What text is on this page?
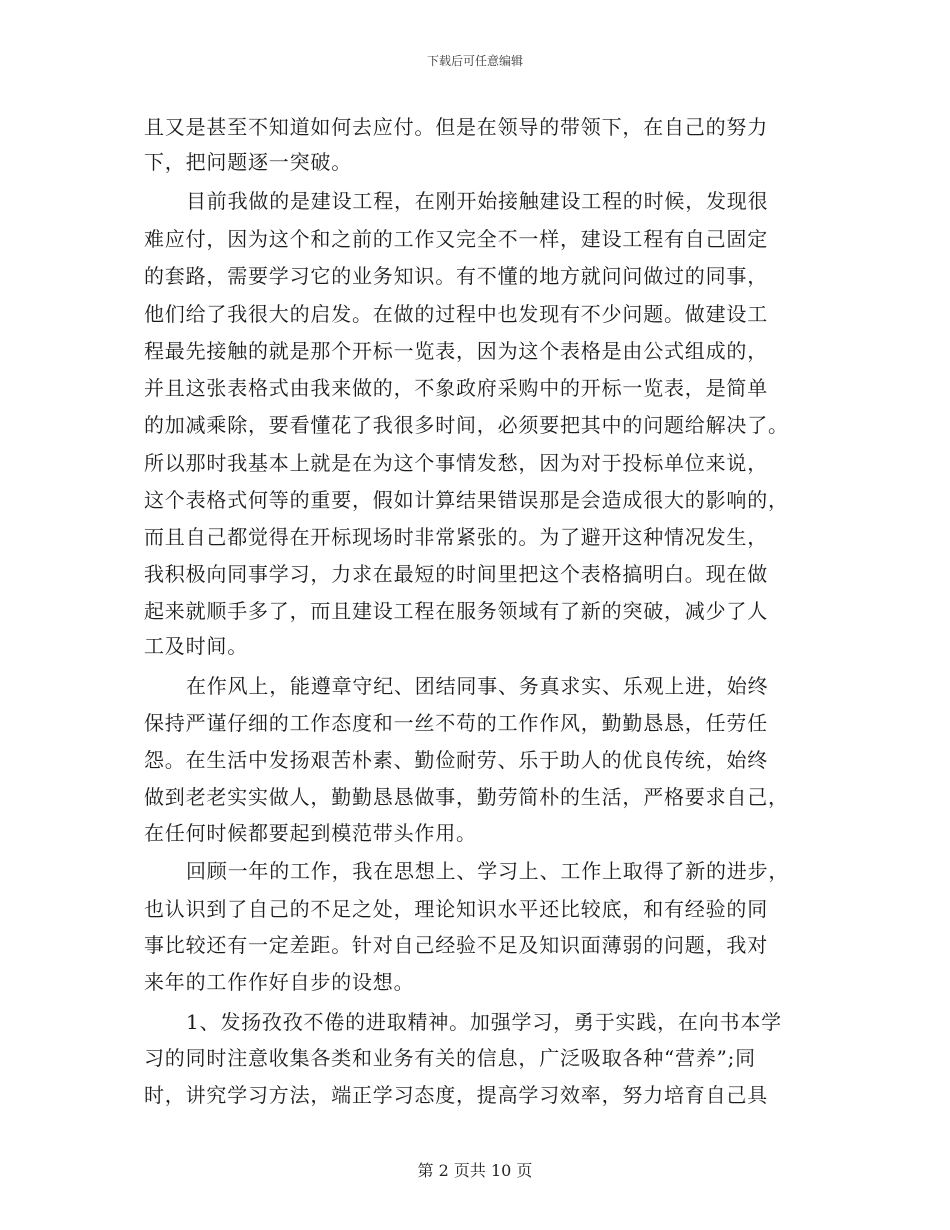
下载后可任意编辑
且又是甚至不知道如何去应付。但是在领导的带领下，在自己的努力
下，把问题逐一突破。
目前我做的是建设工程，在刚开始接触建设工程的时候，发现很
难应付，因为这个和之前的工作又完全不一样，建设工程有自己固定
的套路，需要学习它的业务知识。有不懂的地方就问问做过的同事，
他们给了我很大的启发。在做的过程中也发现有不少问题。做建设工
程最先接触的就是那个开标一览表，因为这个表格是由公式组成的，
并且这张表格式由我来做的，不象政府采购中的开标一览表，是简单
的加减乘除，要看懂花了我很多时间，必须要把其中的问题给解决了。
所以那时我基本上就是在为这个事情发愁，因为对于投标单位来说，
这个表格式何等的重要，假如计算结果错误那是会造成很大的影响的，
而且自己都觉得在开标现场时非常紧张的。为了避开这种情况发生，
我积极向同事学习，力求在最短的时间里把这个表格搞明白。现在做
起来就顺手多了，而且建设工程在服务领域有了新的突破，减少了人
工及时间。
在作风上，能遵章守纪、团结同事、务真求实、乐观上进，始终
保持严谨仔细的工作态度和一丝不苟的工作作风，勤勤恳恳，任劳任
怨。在生活中发扬艰苦朴素、勤俭耐劳、乐于助人的优良传统，始终
做到老老实实做人，勤勤恳恳做事，勤劳简朴的生活，严格要求自己，
在任何时候都要起到模范带头作用。
回顾一年的工作，我在思想上、学习上、工作上取得了新的进步，
也认识到了自己的不足之处，理论知识水平还比较底，和有经验的同
事比较还有一定差距。针对自己经验不足及知识面薄弱的问题，我对
来年的工作作好自步的设想。
1、发扬孜孜不倦的进取精神。加强学习，勇于实践，在向书本学
习的同时注意收集各类和业务有关的信息，广泛吸取各种“营养”;同
时，讲究学习方法，端正学习态度，提高学习效率，努力培育自己具
第 2 页共 10 页
